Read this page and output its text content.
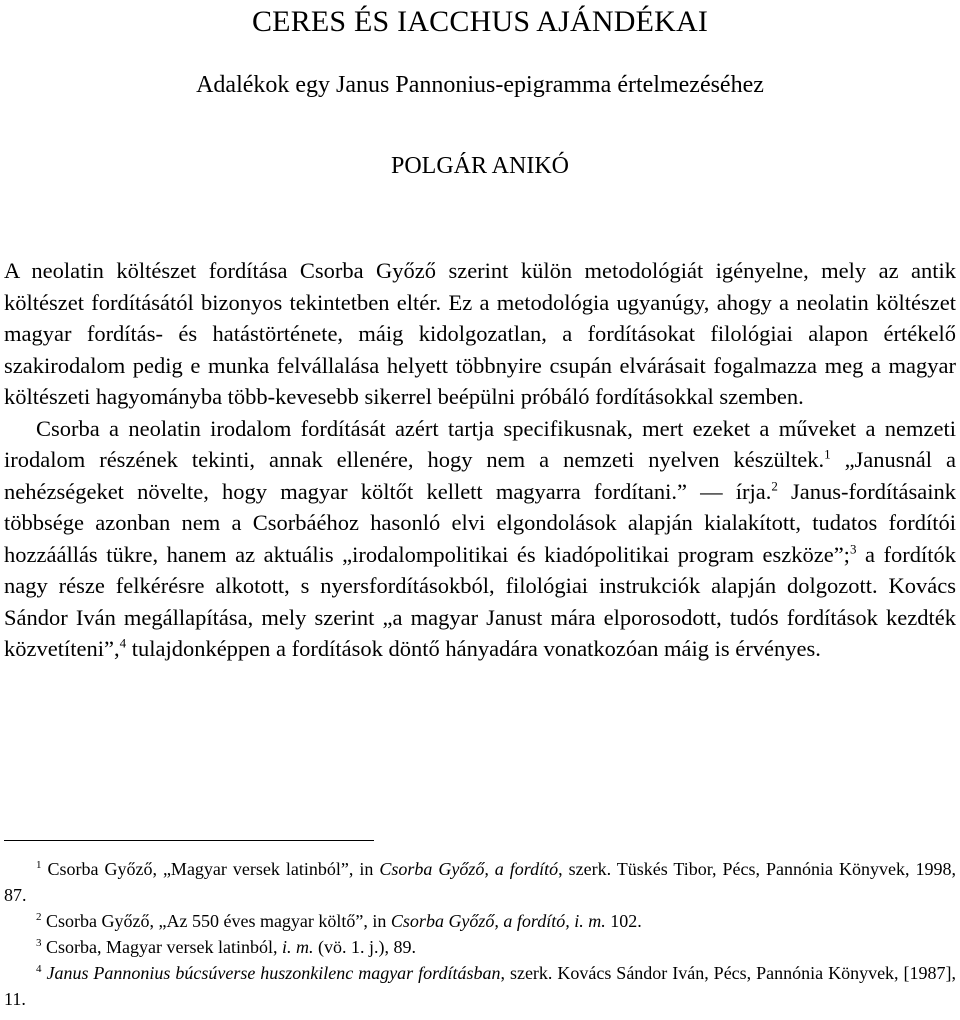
CERES ÉS IACCHUS AJÁNDÉKAI
Adalékok egy Janus Pannonius-epigramma értelmezéséhez
POLGÁR ANIKÓ

A neolatin költészet fordítása Csorba Győző szerint külön metodológiát igényelne, mely az antik költészet fordításától bizonyos tekintetben eltér. Ez a metodológia ugyanúgy, ahogy a neolatin költészet magyar fordítás- és hatástörténete, máig kidolgozatlan, a fordításokat filológiai alapon értékelő szakirodalom pedig e munka felvállalása helyett többnyire csupán elvárásait fogalmazza meg a magyar költészeti hagyományba több-kevesebb sikerrel beépülni próbáló fordításokkal szemben.

Csorba a neolatin irodalom fordítását azért tartja specifikusnak, mert ezeket a műveket a nemzeti irodalom részének tekinti, annak ellenére, hogy nem a nemzeti nyelven készültek.$^1$ „Janusnál a nehézségeket növelte, hogy magyar költőt kellett magyarra fordítani.” ― írja.$^2$ Janus-fordításaink többsége azonban nem a Csorbáéhoz hasonló elvi elgondolások alapján kialakított, tudatos fordítói hozzáállás tükre, hanem az aktuális „irodalompolitikai és kiadópolitikai program eszköze”;$^3$ a fordítók nagy része felkérésre alkotott, s nyersfordításokból, filológiai instrukciók alapján dolgozott. Kovács Sándor Iván megállapítása, mely szerint „a magyar Janust mára elporosodott, tudós fordítások kezdték közvetíteni”,$^4$ tulajdonképpen a fordítások döntő hányadára vonatkozóan máig is érvényes.

$^1$ Csorba Győző, „Magyar versek latinból”, in Csorba Győző, a fordító, szerk. Tüskés Tibor, Pécs, Pannónia Könyvek, 1998, 87.

$^2$ Csorba Győző, „Az 550 éves magyar költő”, in Csorba Győző, a fordító, i. m. 102.

$^3$ Csorba, Magyar versek latinból, i. m. (vö. 1. j.), 89.

$^4$ Janus Pannonius búcsúverse huszonkilenc magyar fordításban, szerk. Kovács Sándor Iván, Pécs, Pannónia Könyvek, [1987], 11.
